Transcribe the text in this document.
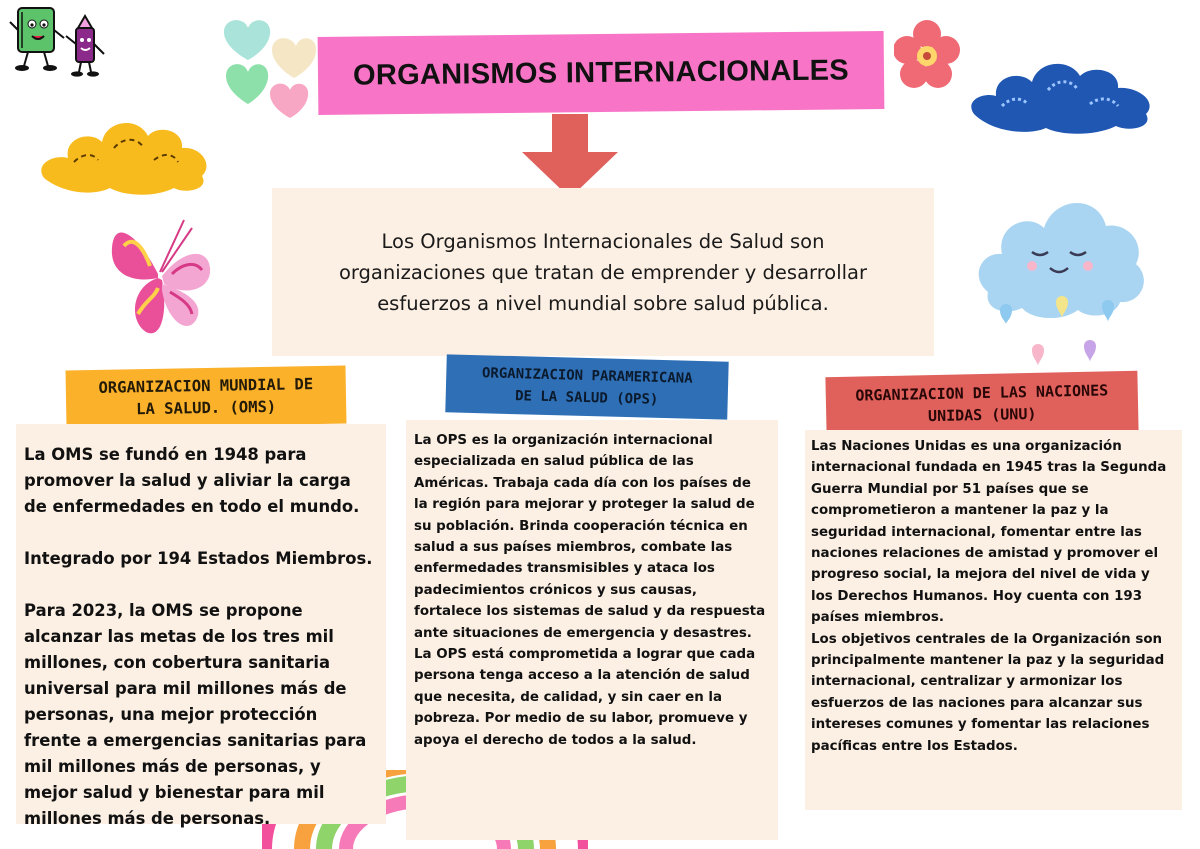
ORGANISMOS INTERNACIONALES

Los Organismos Internacionales de Salud son
organizaciones que tratan de emprender y desarrollar
esfuerzos a nivel mundial sobre salud pública.

ORGANIZACION MUNDIAL DE
LA SALUD. (OMS)
ORGANIZACION PARAMERICANA
DE LA SALUD (OPS)	ORGANIZACION DE LAS NACIONES
UNIDAS (UNU)

La OMS se fundó en 1948 para promover la salud y aliviar la carga de enfermedades en todo el mundo.

Integrado por 194 Estados Miembros.

Para 2023, la OMS se propone alcanzar las metas de los tres mil millones, con cobertura sanitaria universal para mil millones más de personas, una mejor protección frente a emergencias sanitarias para mil millones más de personas, y mejor salud y bienestar para mil millones más de personas.

La OPS es la organización internacional especializada en salud pública de las Américas. Trabaja cada día con los países de la región para mejorar y proteger la salud de su población. Brinda cooperación técnica en salud a sus países miembros, combate las enfermedades transmisibles y ataca los padecimientos crónicos y sus causas, fortalece los sistemas de salud y da respuesta ante situaciones de emergencia y desastres.

La OPS está comprometida a lograr que cada persona tenga acceso a la atención de salud que necesita, de calidad, y sin caer en la pobreza. Por medio de su labor, promueve y apoya el derecho de todos a la salud.

Las Naciones Unidas es una organización internacional fundada en 1945 tras la Segunda Guerra Mundial por 51 países que se comprometieron a mantener la paz y la seguridad internacional, fomentar entre las naciones relaciones de amistad y promover el progreso social, la mejora del nivel de vida y los Derechos Humanos. Hoy cuenta con 193 países miembros.

Los objetivos centrales de la Organización son principalmente mantener la paz y la seguridad internacional, centralizar y armonizar los esfuerzos de las naciones para alcanzar sus intereses comunes y fomentar las relaciones pacíficas entre los Estados.
